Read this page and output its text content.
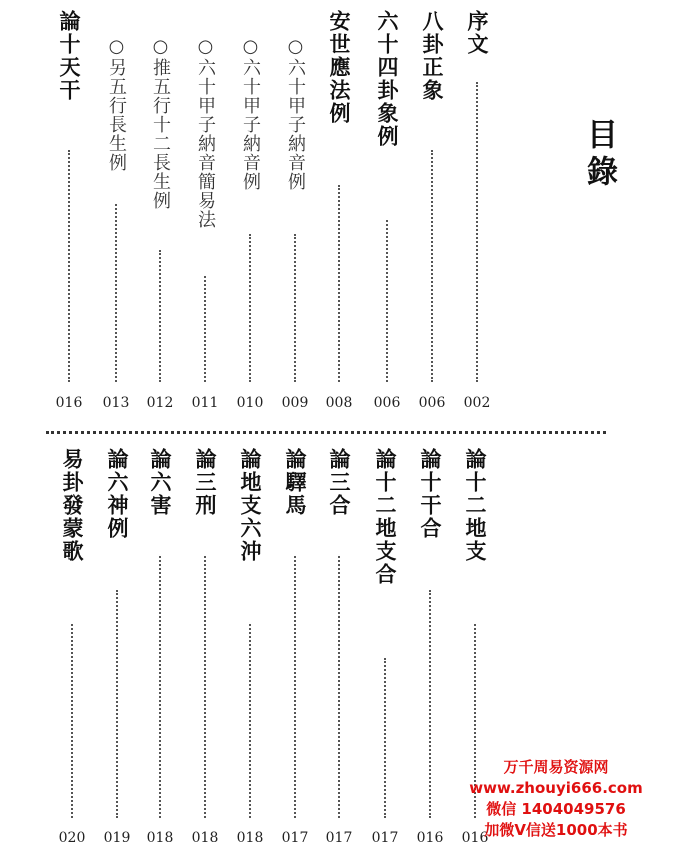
目錄
序文
002
八卦正象
006
六十四卦象例
006
安世應法例
008
○六十甲子納音例
009
○六十甲子納音例
010
○六十甲子納音簡易法
011
○推五行十二長生例
012
○另五行長生例
013
論十天干
016
論十二地支
016
論十干合
016
論十二地支合
017
論三合
017
論驛馬
017
論地支六沖
018
論三刑
018
論六害
018
論六神例
019
易卦發蒙歌
020
万千周易资源网
www.zhouyi666.com
微信 1404049576
加微V信送1000本书
